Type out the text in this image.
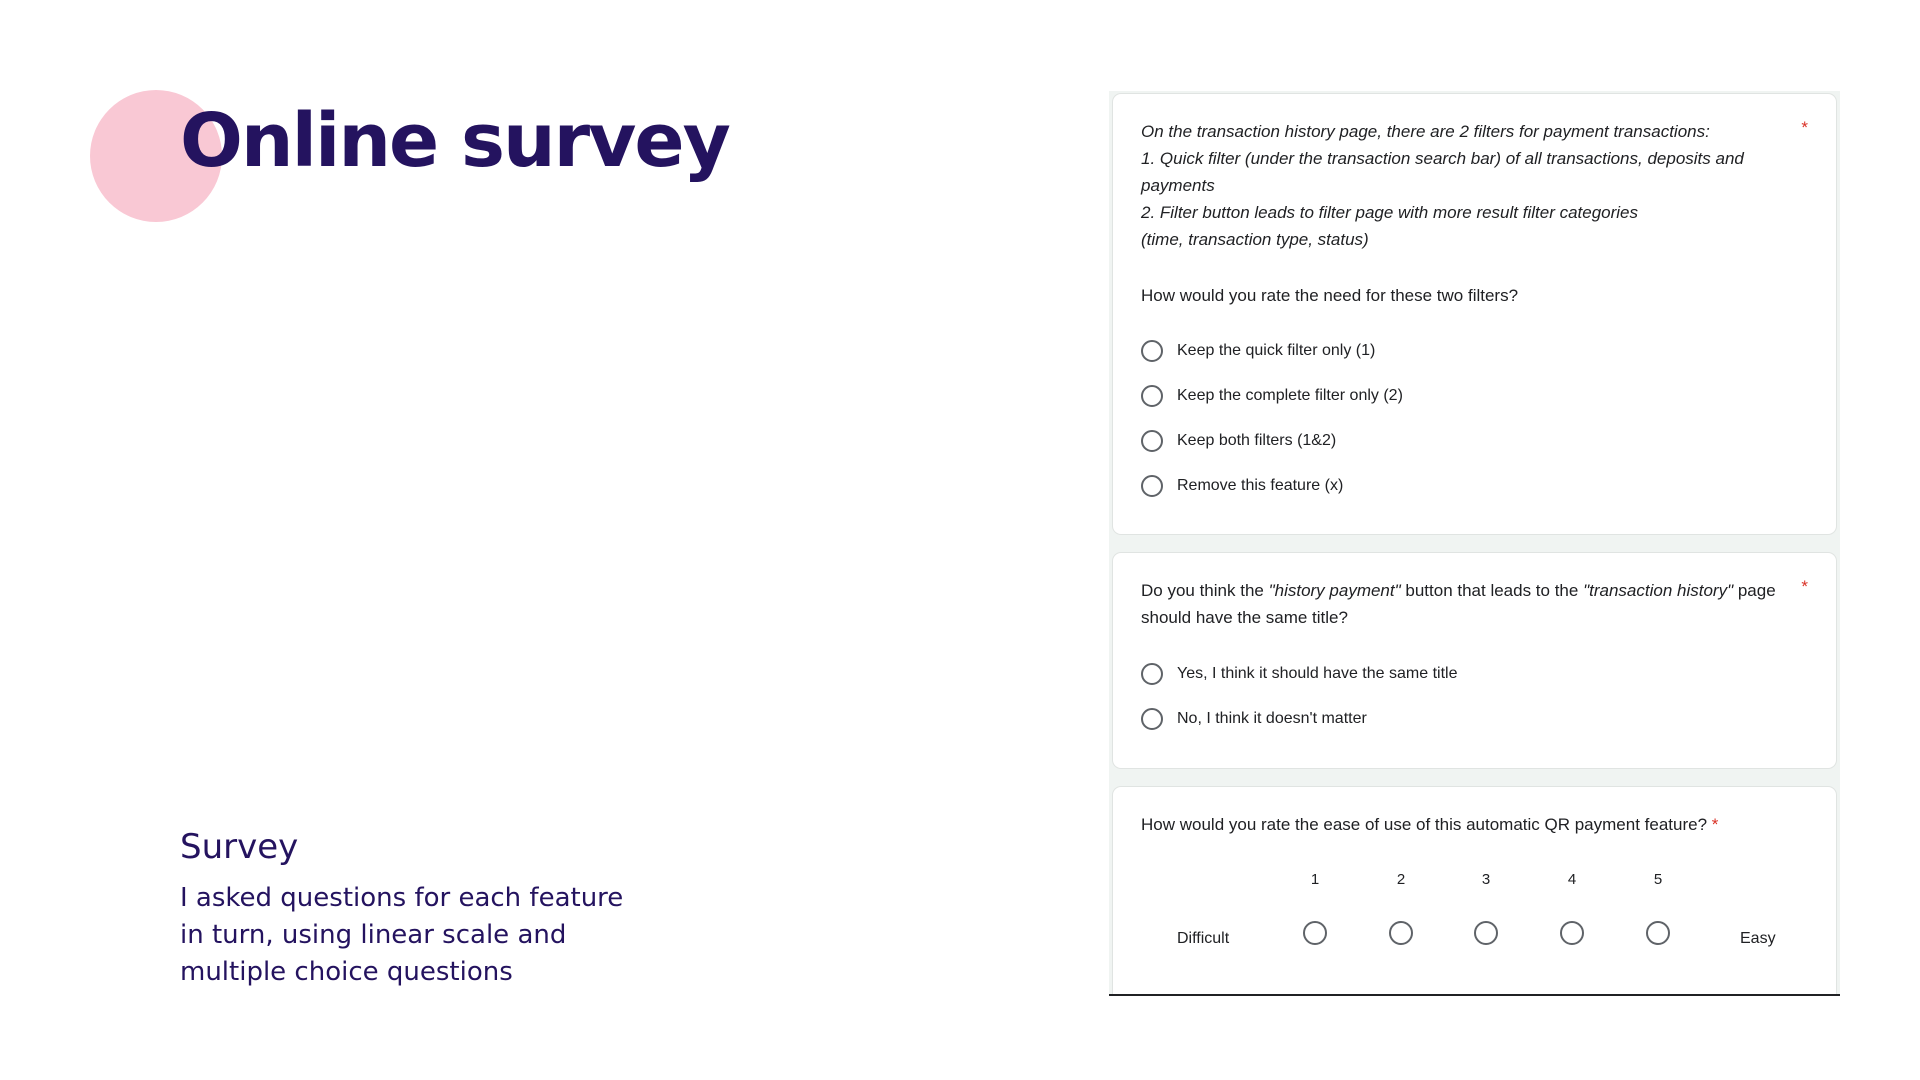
Online survey
Survey

I asked questions for each feature in turn, using linear scale and multiple choice questions

On the transaction history page, there are 2 filters for payment transactions:
1. Quick filter (under the transaction search bar) of all transactions, deposits and payments
2. Filter button leads to filter page with more result filter categories
(time, transaction type, status)
*
How would you rate the need for these two filters?
Keep the quick filter only (1)
Keep the complete filter only (2)
Keep both filters (1&2)
Remove this feature (x)
Do you think the "history payment" button that leads to the "transaction history" page should have the same title?
*
Yes, I think it should have the same title
No, I think it doesn't matter
How would you rate the ease of use of this automatic QR payment feature? *
1	2	3	4	5
Difficult	Easy
